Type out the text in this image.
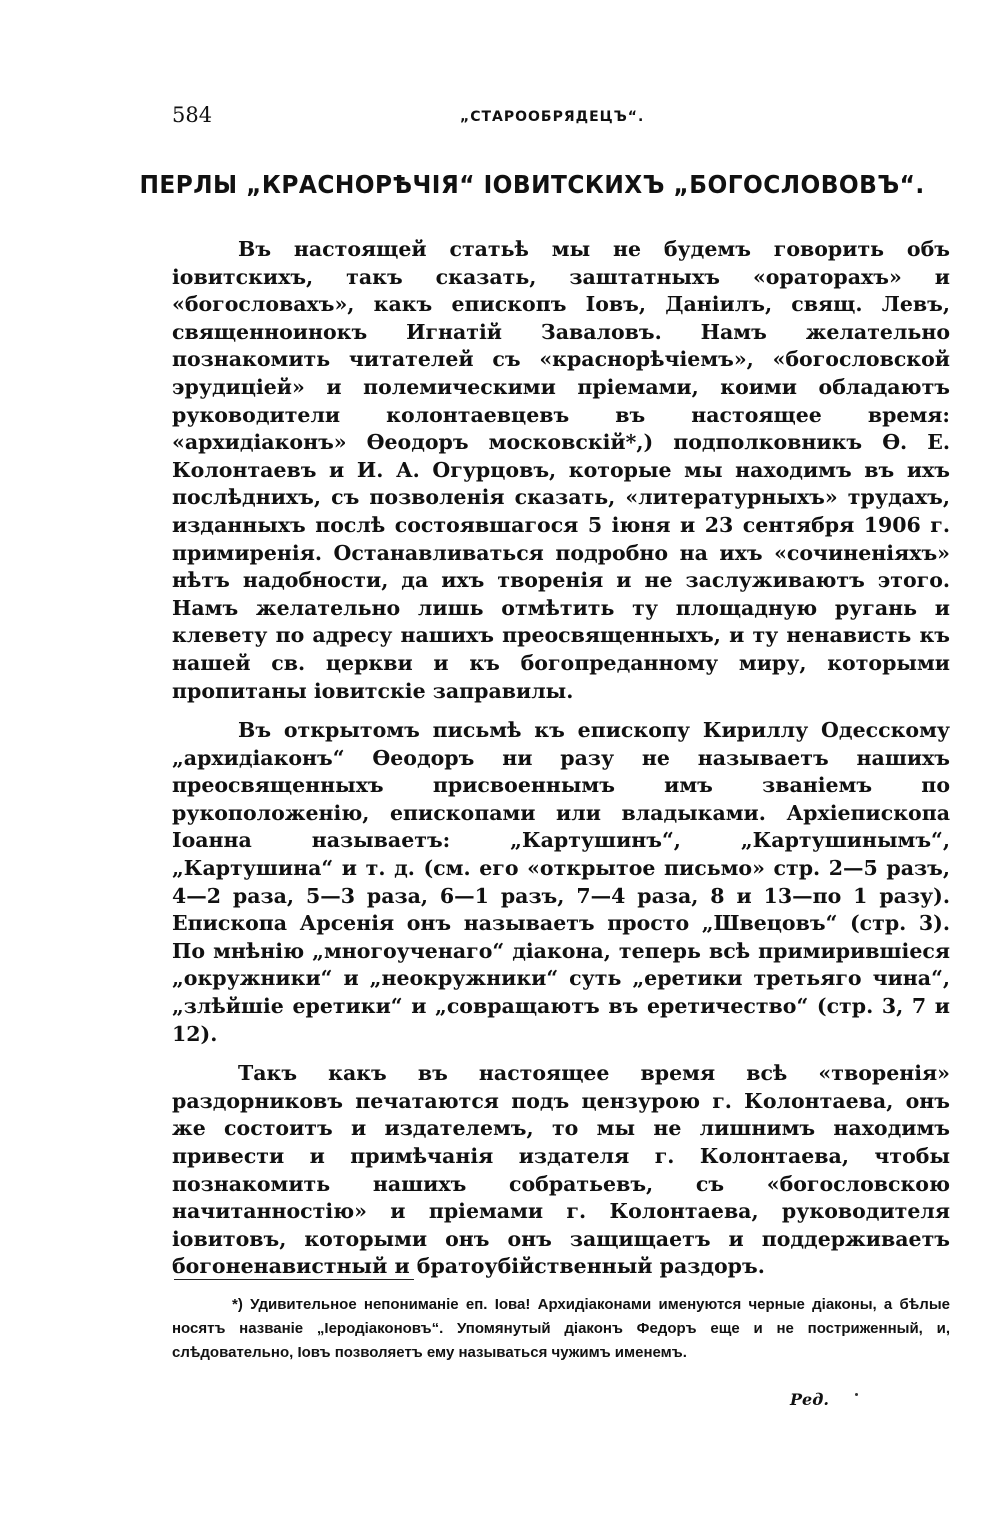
584	„СТАРООБРЯДЕЦЪ“.
ПЕРЛЫ „КРАСНОРѢЧІЯ“ ІОВИТСКИХЪ „БОГОСЛОВОВЪ“.

Въ настоящей статьѣ мы не будемъ говорить объ іовитскихъ, такъ сказать, заштатныхъ «ораторахъ» и «богословахъ», какъ епископъ Іовъ, Даніилъ, свящ. Левъ, священноинокъ Игнатій Заваловъ. Намъ желательно познакомить читателей съ «краснорѣчіемъ», «богословской эрудиціей» и полемическими пріемами, коими обладаютъ руководители колонтаевцевъ въ настоящее время: «архидіаконъ» Ѳеодоръ московскій*,) подполковникъ Ѳ. Е. Колонтаевъ и И. А. Огурцовъ, которые мы находимъ въ ихъ послѣднихъ, съ позволенія сказать, «литературныхъ» трудахъ, изданныхъ послѣ состоявшагося 5 іюня и 23 сентября 1906 г. примиренія. Останавливаться подробно на ихъ «сочиненіяхъ» нѣтъ надобности, да ихъ творенія и не заслуживаютъ этого. Намъ желательно лишь отмѣтить ту площадную ругань и клевету по адресу нашихъ преосвященныхъ, и ту ненависть къ нашей св. церкви и къ богопреданному миру, которыми пропитаны іовитскіе заправилы.

Въ открытомъ письмѣ къ епископу Кириллу Одесскому „архидіаконъ“ Ѳеодоръ ни разу не называетъ нашихъ преосвященныхъ присвоеннымъ имъ званіемъ по рукоположенію, епископами или владыками. Архіепископа Іоанна называетъ: „Картушинъ“, „Картушинымъ“, „Картушина“ и т. д. (см. его «открытое письмо» стр. 2—5 разъ, 4—2 раза, 5—3 раза, 6—1 разъ, 7—4 раза, 8 и 13—по 1 разу). Епископа Арсенія онъ называетъ просто „Швецовъ“ (стр. 3). По мнѣнію „многоученаго“ діакона, теперь всѣ примирившіеся „окружники“ и „неокружники“ суть „еретики третьяго чина“, „злѣйшіе еретики“ и „совращаютъ въ еретичество“ (стр. 3, 7 и 12).

Такъ какъ въ настоящее время всѣ «творенія» раздорниковъ печатаются подъ цензурою г. Колонтаева, онъ же состоитъ и издателемъ, то мы не лишнимъ находимъ привести и примѣчанія издателя г. Колонтаева, чтобы познакомить нашихъ собратьевъ, съ «богословскою начитанностію» и пріемами г. Колонтаева, руководителя іовитовъ, которыми онъ онъ защищаетъ и поддерживаетъ богоненавистный и братоубійственный раздоръ.

*) Удивительное непониманіе еп. Іова! Архидіаконами именуются черные діаконы, а бѣлые носятъ названіе „Іеродіаконовъ“. Упомянутый діаконъ Федоръ еще и не постриженный, и, слѣдовательно, Іовъ позволяетъ ему называться чужимъ именемъ.
Ред.
